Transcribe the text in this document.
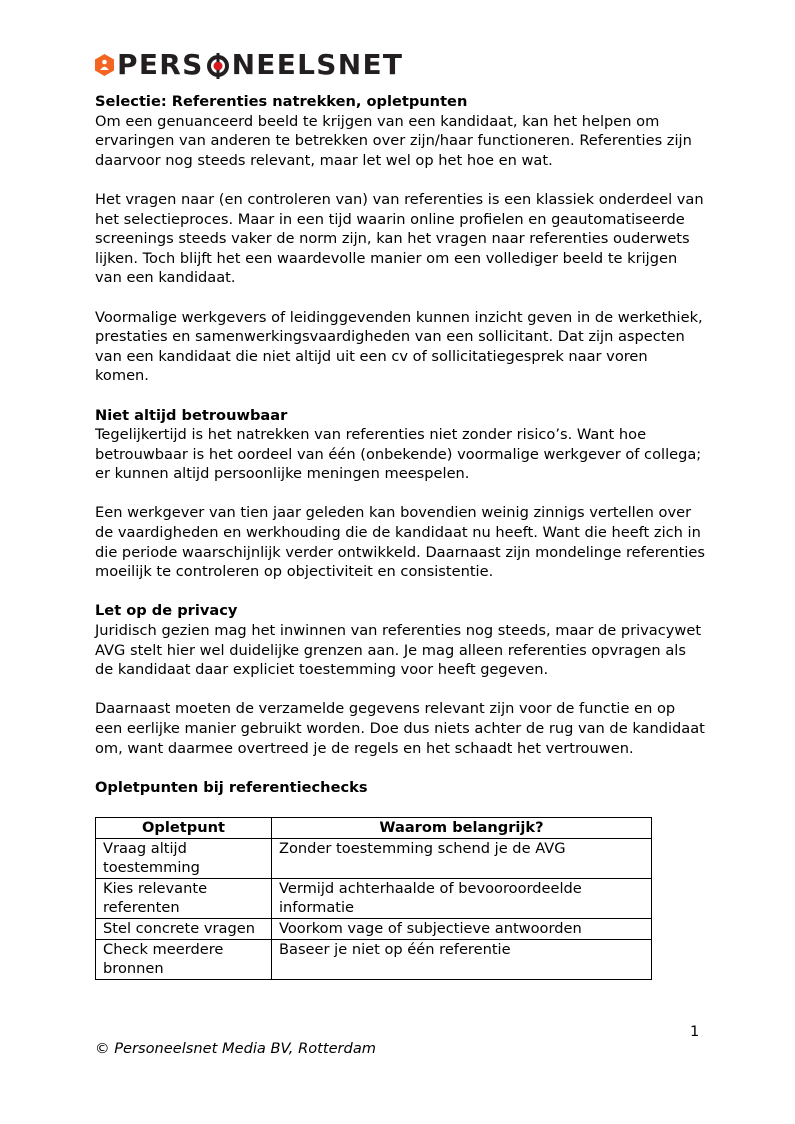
PERS NEELSNET

Selectie: Referenties natrekken, opletpunten

Om een genuanceerd beeld te krijgen van een kandidaat, kan het helpen om ervaringen van anderen te betrekken over zijn/haar functioneren. Referenties zijn daarvoor nog steeds relevant, maar let wel op het hoe en wat.

Het vragen naar (en controleren van) van referenties is een klassiek onderdeel van het selectieproces. Maar in een tijd waarin online profielen en geautomatiseerde screenings steeds vaker de norm zijn, kan het vragen naar referenties ouderwets lijken. Toch blijft het een waardevolle manier om een vollediger beeld te krijgen van een kandidaat.

Voormalige werkgevers of leidinggevenden kunnen inzicht geven in de werkethiek, prestaties en samenwerkingsvaardigheden van een sollicitant. Dat zijn aspecten van een kandidaat die niet altijd uit een cv of sollicitatiegesprek naar voren komen.

Niet altijd betrouwbaar

Tegelijkertijd is het natrekken van referenties niet zonder risico’s. Want hoe betrouwbaar is het oordeel van één (onbekende) voormalige werkgever of collega; er kunnen altijd persoonlijke meningen meespelen.

Een werkgever van tien jaar geleden kan bovendien weinig zinnigs vertellen over de vaardigheden en werkhouding die de kandidaat nu heeft. Want die heeft zich in die periode waarschijnlijk verder ontwikkeld. Daarnaast zijn mondelinge referenties moeilijk te controleren op objectiviteit en consistentie.

Let op de privacy

Juridisch gezien mag het inwinnen van referenties nog steeds, maar de privacywet AVG stelt hier wel duidelijke grenzen aan. Je mag alleen referenties opvragen als de kandidaat daar expliciet toestemming voor heeft gegeven.

Daarnaast moeten de verzamelde gegevens relevant zijn voor de functie en op een eerlijke manier gebruikt worden. Doe dus niets achter de rug van de kandidaat om, want daarmee overtreed je de regels en het schaadt het vertrouwen.

Opletpunten bij referentiechecks

Opletpunt	Waarom belangrijk?
Vraag altijd toestemming	Zonder toestemming schend je de AVG
Kies relevante referenten	Vermijd achterhaalde of bevooroordeelde informatie
Stel concrete vragen	Voorkom vage of subjectieve antwoorden
Check meerdere bronnen	Baseer je niet op één referentie
1
© Personeelsnet Media BV, Rotterdam
